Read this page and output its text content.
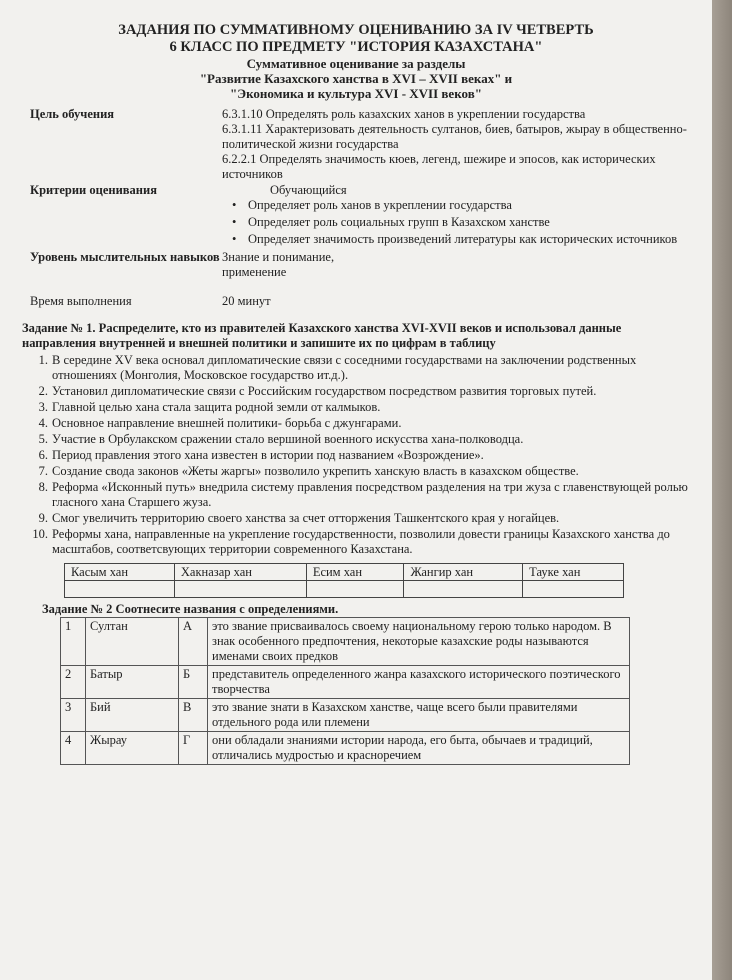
ЗАДАНИЯ ПО СУММАТИВНОМУ ОЦЕНИВАНИЮ ЗА IV ЧЕТВЕРТЬ
6 КЛАСС ПО ПРЕДМЕТУ "ИСТОРИЯ КАЗАХСТАНА"
Суммативное оценивание за разделы
"Развитие Казахского ханства в XVI – XVII веках" и
"Экономика и культура XVI - XVII веков"
Цель обучения	6.3.1.10 Определять роль казахских ханов в укреплении государства

6.3.1.11 Характеризовать деятельность султанов, биев, батыров, жырау в общественно-политической жизни государства

6.2.2.1 Определять значимость кюев, легенд, шежире и эпосов, как исторических источников

Критерии оценивания	Обучающийся

• Определяет роль ханов в укреплении государства
• Определяет роль социальных групп в Казахском ханстве
• Определяет значимость произведений литературы как исторических источников
Уровень мыслительных навыков Знание и понимание,

применение

Время выполнения	20 минут
Задание № 1. Распределите, кто из правителей Казахского ханства XVI-XVII веков и использовал данные направления внутренней и внешней политики и запишите их по цифрам в таблицу
1. В середине XV века основал дипломатические связи с соседними государствами на заключении родственных отношениях (Монголия, Московское государство ит.д.).
2. Установил дипломатические связи с Российским государством посредством развития торговых путей.
3. Главной целью хана стала защита родной земли от калмыков.
4. Основное направление внешней политики- борьба с джунгарами.
5. Участие в Орбулакском сражении стало вершиной военного искусства хана-полководца.
6. Период правления этого хана известен в истории под названием «Возрождение».
7. Создание свода законов «Жеты жаргы» позволило укрепить ханскую власть в казахском обществе.
8. Реформа «Исконный путь» внедрила систему правления посредством разделения на три жуза с главенствующей ролью гласного хана Старшего жуза.
9. Смог увеличить территорию своего ханства за счет отторжения Ташкентского края у ногайцев.
10. Реформы хана, направленные на укрепление государственности, позволили довести границы Казахского ханства до масштабов, соответсвующих территории современного Казахстана.
Касым хан	Хакназар хан	Есим хан	Жангир хан	Тауке хан

Задание № 2 Соотнесите названия с определениями.
1	Султан	А	это звание присваивалось своему национальному герою только народом. В знак особенного предпочтения, некоторые казахские роды называются именами своих предков
2	Батыр	Б	представитель определенного жанра казахского исторического поэтического творчества
3	Бий	В	это звание знати в Казахском ханстве, чаще всего были правителями отдельного рода или племени
4	Жырау	Г	они обладали знаниями истории народа, его быта, обычаев и традиций, отличались мудростью и красноречием
